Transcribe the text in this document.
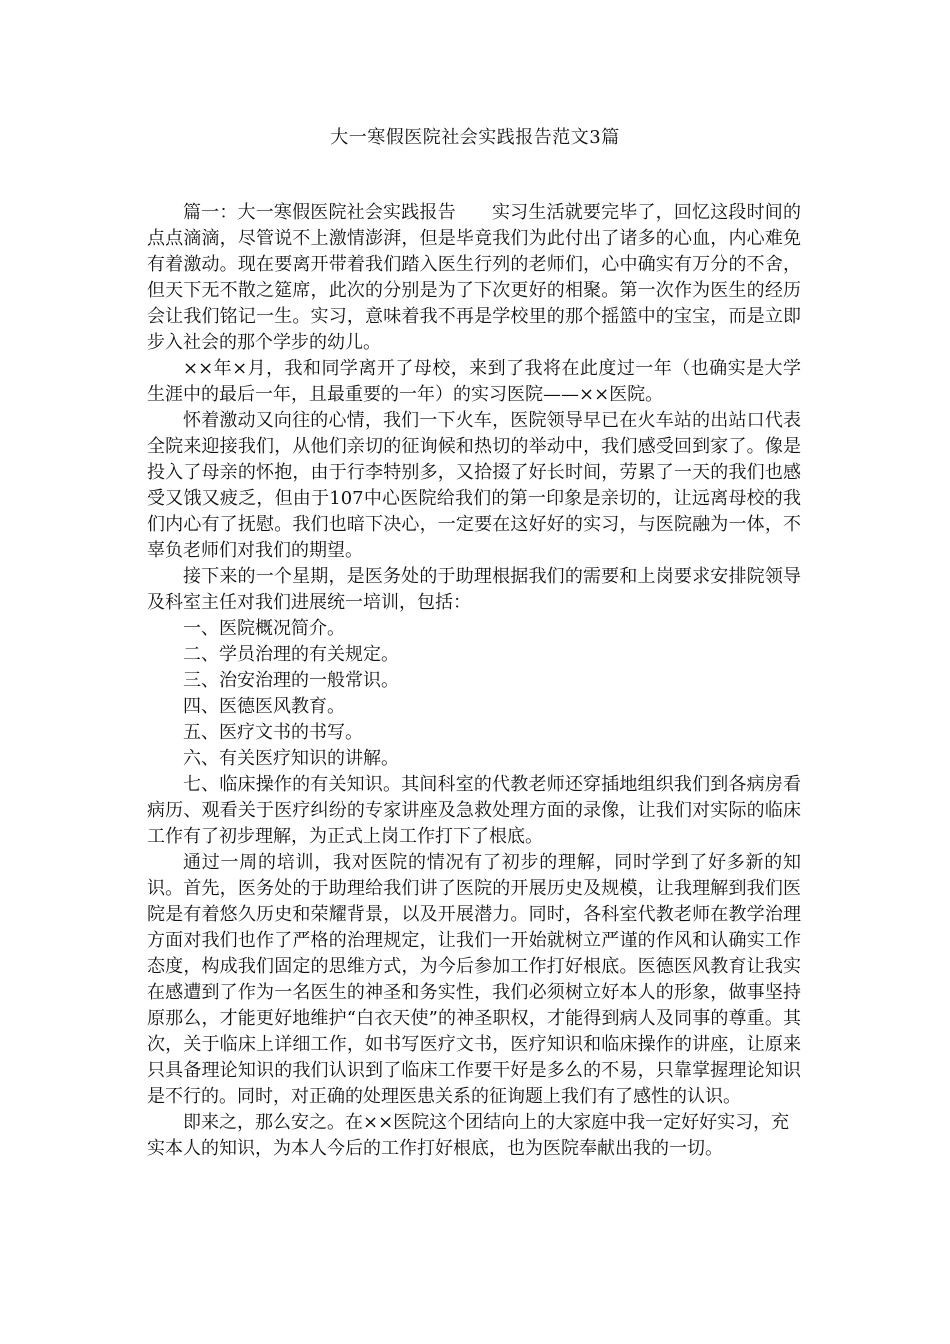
大一寒假医院社会实践报告范文3篇

篇一：大一寒假医院社会实践报告 实习生活就要完毕了，回忆这段时间的点点滴滴，尽管说不上激情澎湃，但是毕竟我们为此付出了诸多的心血，内心难免有着激动。现在要离开带着我们踏入医生行列的老师们，心中确实有万分的不舍，但天下无不散之筵席，此次的分别是为了下次更好的相聚。第一次作为医生的经历会让我们铭记一生。实习，意味着我不再是学校里的那个摇篮中的宝宝，而是立即步入社会的那个学步的幼儿。

××年×月，我和同学离开了母校，来到了我将在此度过一年（也确实是大学生涯中的最后一年，且最重要的一年）的实习医院——××医院。

怀着激动又向往的心情，我们一下火车，医院领导早已在火车站的出站口代表全院来迎接我们，从他们亲切的征询候和热切的举动中，我们感受回到家了。像是投入了母亲的怀抱，由于行李特别多，又拾掇了好长时间，劳累了一天的我们也感受又饿又疲乏，但由于107中心医院给我们的第一印象是亲切的，让远离母校的我们内心有了抚慰。我们也暗下决心，一定要在这好好的实习，与医院融为一体，不辜负老师们对我们的期望。

接下来的一个星期，是医务处的于助理根据我们的需要和上岗要求安排院领导及科室主任对我们进展统一培训，包括：

一、医院概况简介。

二、学员治理的有关规定。

三、治安治理的一般常识。

四、医德医风教育。

五、医疗文书的书写。

六、有关医疗知识的讲解。

七、临床操作的有关知识。其间科室的代教老师还穿插地组织我们到各病房看病历、观看关于医疗纠纷的专家讲座及急救处理方面的录像，让我们对实际的临床工作有了初步理解，为正式上岗工作打下了根底。

通过一周的培训，我对医院的情况有了初步的理解，同时学到了好多新的知识。首先，医务处的于助理给我们讲了医院的开展历史及规模，让我理解到我们医院是有着悠久历史和荣耀背景，以及开展潜力。同时，各科室代教老师在教学治理方面对我们也作了严格的治理规定，让我们一开始就树立严谨的作风和认确实工作态度，构成我们固定的思维方式，为今后参加工作打好根底。医德医风教育让我实在感遭到了作为一名医生的神圣和务实性，我们必须树立好本人的形象，做事坚持原那么，才能更好地维护“白衣天使”的神圣职权，才能得到病人及同事的尊重。其次，关于临床上详细工作，如书写医疗文书，医疗知识和临床操作的讲座，让原来只具备理论知识的我们认识到了临床工作要干好是多么的不易，只靠掌握理论知识是不行的。同时，对正确的处理医患关系的征询题上我们有了感性的认识。

即来之，那么安之。在××医院这个团结向上的大家庭中我一定好好实习，充实本人的知识，为本人今后的工作打好根底，也为医院奉献出我的一切。
